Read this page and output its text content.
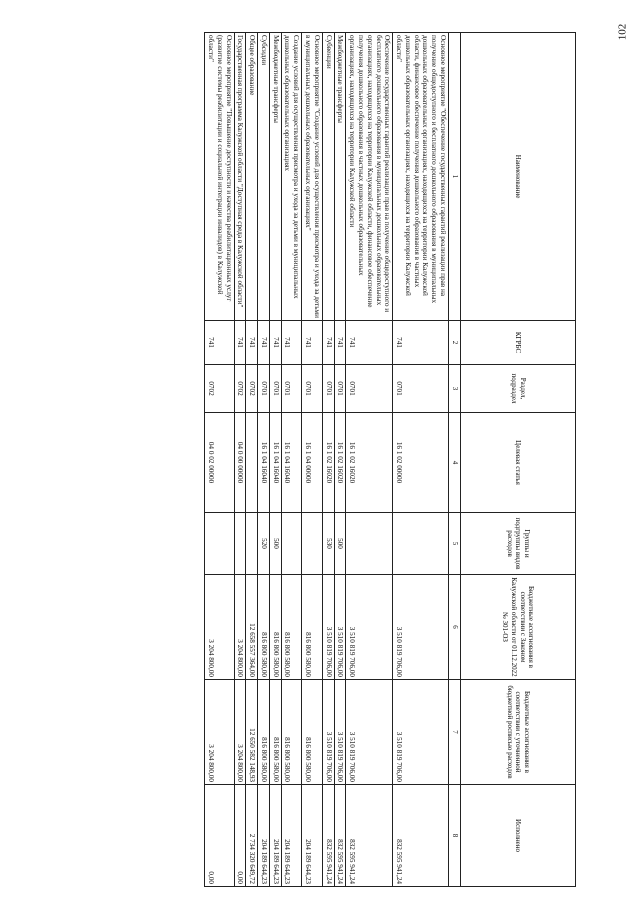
102
Наименование	КГРБС	Раздел, подраздел	Целевая статья	Группы и подгруппы видов расходов	Бюджетные ассигнования в соответствии с Законом Калужской области от 01.12.2022 № 301-ОЗ	Бюджетные ассигнования в соответствии с уточненной бюджетной росписью расходов	Исполнено
1	2	3	4	5	6	7	8
Основное мероприятие "Обеспечение государственных гарантий реализации прав на получение общедоступного и бесплатного дошкольного образования в муниципальных дошкольных образовательных организациях, находящихся на территории Калужской области, финансовое обеспечение получения дошкольного образования в частных дошкольных образовательных организациях, находящихся на территории Калужской области"	741	0701	16 1 02 00000		3 510 819 706,00	3 510 819 706,00	832 595 941,24
Обеспечение государственных гарантий реализации прав на получение общедоступного и бесплатного дошкольного образования в муниципальных дошкольных образовательных организациях, находящихся на территории Калужской области, финансовое обеспечение получения дошкольного образования в частных дошкольных образовательных организациях, находящихся на территории Калужской области	741	0701	16 1 02 16020		3 510 819 706,00	3 510 819 706,00	832 595 941,24
Межбюджетные трансферты	741	0701	16 1 02 16020	500	3 510 819 706,00	3 510 819 706,00	832 595 941,24
Субвенции	741	0701	16 1 02 16020	530	3 510 819 706,00	3 510 819 706,00	832 595 941,24
Основное мероприятие "Создание условий для осуществления присмотра и ухода за детьми в муниципальных дошкольных образовательных организациях"	741	0701	16 1 04 00000		816 800 580,00	816 800 580,00	204 189 644,23
Создание условий для осуществления присмотра и ухода за детьми в муниципальных дошкольных образовательных организациях	741	0701	16 1 04 16040		816 800 580,00	816 800 580,00	204 189 644,23
Межбюджетные трансферты	741	0701	16 1 04 16040	500	816 800 580,00	816 800 580,00	204 189 644,23
Субсидии	741	0701	16 1 04 16040	520	816 800 580,00	816 800 580,00	204 189 644,23
Общее образование	741	0702			12 658 557 364,00	12 650 582 148,93	2 734 320 649,72
Государственная программа Калужской области "Доступная среда в Калужской области"	741	0702	04 0 00 00000		3 204 800,00	3 204 800,00	0,00
Основное мероприятие "Повышение доступности и качества реабилитационных услуг (развитие системы реабилитации и социальной интеграции инвалидов) в Калужской области"	741	0702	04 0 02 00000		3 204 800,00	3 204 800,00	0,00
